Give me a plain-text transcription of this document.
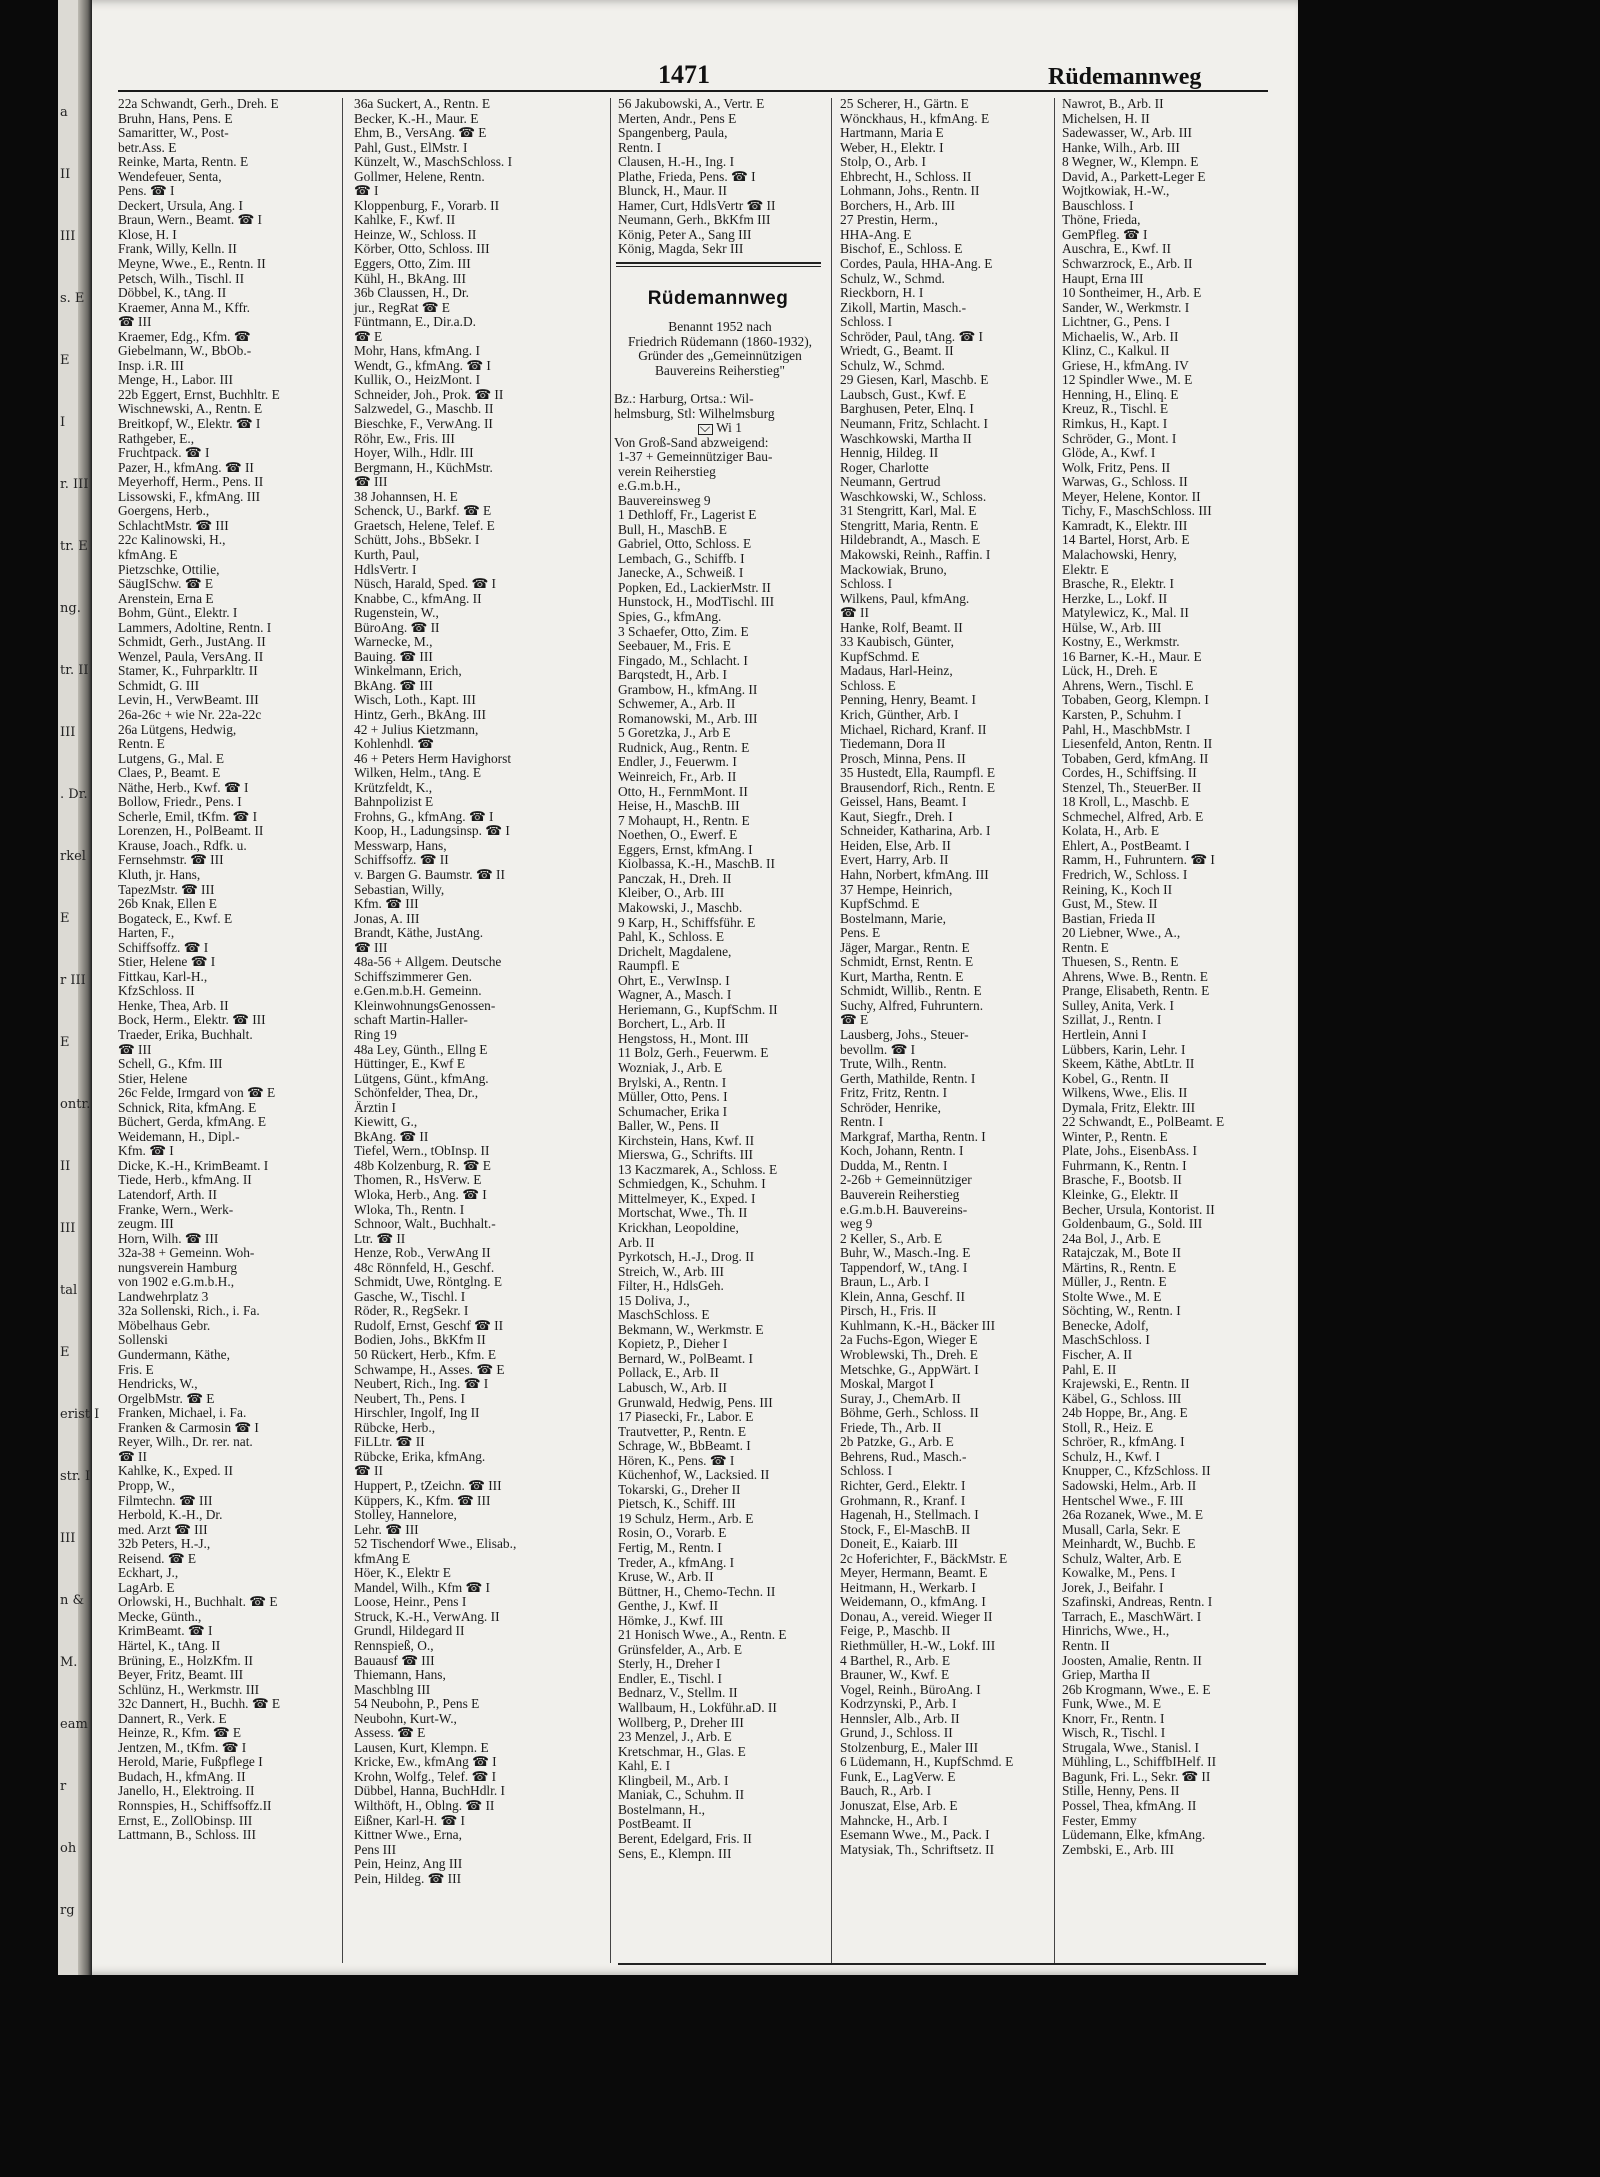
a
II
III
s. E
E
I
r. III
tr. E
ng.
tr. II
III
. Dr.
rkel
E
r III
E
ontr.
II
III
tal
E
erist I
str. I
III
n &
M.
eam
r
oh
rg
1471	Rüdemannweg
22a Schwandt, Gerh., Dreh. E
Bruhn, Hans, Pens. E
Samaritter, W., Post-
betr.Ass. E
Reinke, Marta, Rentn. E
Wendefeuer, Senta,
Pens. ☎ I
Deckert, Ursula, Ang. I
Braun, Wern., Beamt. ☎ I
Klose, H. I
Frank, Willy, Kelln. II
Meyne, Wwe., E., Rentn. II
Petsch, Wilh., Tischl. II
Döbbel, K., tAng. II
Kraemer, Anna M., Kffr.
☎ III
Kraemer, Edg., Kfm. ☎
Giebelmann, W., BbOb.-
Insp. i.R. III
Menge, H., Labor. III
22b Eggert, Ernst, Buchhltr. E
Wischnewski, A., Rentn. E
Breitkopf, W., Elektr. ☎ I
Rathgeber, E.,
Fruchtpack. ☎ I
Pazer, H., kfmAng. ☎ II
Meyerhoff, Herm., Pens. II
Lissowski, F., kfmAng. III
Goergens, Herb.,
SchlachtMstr. ☎ III
22c Kalinowski, H.,
kfmAng. E
Pietzschke, Ottilie,
SäugISchw. ☎ E
Arenstein, Erna E
Bohm, Günt., Elektr. I
Lammers, Adoltine, Rentn. I
Schmidt, Gerh., JustAng. II
Wenzel, Paula, VersAng. II
Stamer, K., Fuhrparkltr. II
Schmidt, G. III
Levin, H., VerwBeamt. III
26a-26c + wie Nr. 22a-22c
26a Lütgens, Hedwig,
Rentn. E
Lutgens, G., Mal. E
Claes, P., Beamt. E
Näthe, Herb., Kwf. ☎ I
Bollow, Friedr., Pens. I
Scherle, Emil, tKfm. ☎ I
Lorenzen, H., PolBeamt. II
Krause, Joach., Rdfk. u.
Fernsehmstr. ☎ III
Kluth, jr. Hans,
TapezMstr. ☎ III
26b Knak, Ellen E
Bogateck, E., Kwf. E
Harten, F.,
Schiffsoffz. ☎ I
Stier, Helene ☎ I
Fittkau, Karl-H.,
KfzSchloss. II
Henke, Thea, Arb. II
Bock, Herm., Elektr. ☎ III
Traeder, Erika, Buchhalt.
☎ III
Schell, G., Kfm. III
Stier, Helene
26c Felde, Irmgard von ☎ E
Schnick, Rita, kfmAng. E
Büchert, Gerda, kfmAng. E
Weidemann, H., Dipl.-
Kfm. ☎ I
Dicke, K.-H., KrimBeamt. I
Tiede, Herb., kfmAng. II
Latendorf, Arth. II
Franke, Wern., Werk-
zeugm. III
Horn, Wilh. ☎ III
32a-38 + Gemeinn. Woh-
nungsverein Hamburg
von 1902 e.G.m.b.H.,
Landwehrplatz 3
32a Sollenski, Rich., i. Fa.
Möbelhaus Gebr.
Sollenski
Gundermann, Käthe,
Fris. E
Hendricks, W.,
OrgelbMstr. ☎ E
Franken, Michael, i. Fa.
Franken & Carmosin ☎ I
Reyer, Wilh., Dr. rer. nat.
☎ II
Kahlke, K., Exped. II
Propp, W.,
Filmtechn. ☎ III
Herbold, K.-H., Dr.
med. Arzt ☎ III
32b Peters, H.-J.,
Reisend. ☎ E
Eckhart, J.,
LagArb. E
Orlowski, H., Buchhalt. ☎ E
Mecke, Günth.,
KrimBeamt. ☎ I
Härtel, K., tAng. II
Brüning, E., HolzKfm. II
Beyer, Fritz, Beamt. III
Schlünz, H., Werkmstr. III
32c Dannert, H., Buchh. ☎ E
Dannert, R., Verk. E
Heinze, R., Kfm. ☎ E
Jentzen, M., tKfm. ☎ I
Herold, Marie, Fußpflege I
Budach, H., kfmAng. II
Janello, H., Elektroing. II
Ronnspies, H., Schiffsoffz.II
Ernst, E., ZollObinsp. III
Lattmann, B., Schloss. III
36a Suckert, A., Rentn. E
Becker, K.-H., Maur. E
Ehm, B., VersAng. ☎ E
Pahl, Gust., ElMstr. I
Künzelt, W., MaschSchloss. I
Gollmer, Helene, Rentn.
☎ I
Kloppenburg, F., Vorarb. II
Kahlke, F., Kwf. II
Heinze, W., Schloss. II
Körber, Otto, Schloss. III
Eggers, Otto, Zim. III
Kühl, H., BkAng. III
36b Claussen, H., Dr.
jur., RegRat ☎ E
Füntmann, E., Dir.a.D.
☎ E
Mohr, Hans, kfmAng. I
Wendt, G., kfmAng. ☎ I
Kullik, O., HeizMont. I
Schneider, Joh., Prok. ☎ II
Salzwedel, G., Maschb. II
Bieschke, F., VerwAng. II
Röhr, Ew., Fris. III
Hoyer, Wilh., Hdlr. III
Bergmann, H., KüchMstr.
☎ III
38 Johannsen, H. E
Schenck, U., Barkf. ☎ E
Graetsch, Helene, Telef. E
Schütt, Johs., BbSekr. I
Kurth, Paul,
HdlsVertr. I
Nüsch, Harald, Sped. ☎ I
Knabbe, C., kfmAng. II
Rugenstein, W.,
BüroAng. ☎ II
Warnecke, M.,
Bauing. ☎ III
Winkelmann, Erich,
BkAng. ☎ III
Wisch, Loth., Kapt. III
Hintz, Gerh., BkAng. III
42 + Julius Kietzmann,
Kohlenhdl. ☎
46 + Peters Herm Havighorst
Wilken, Helm., tAng. E
Krützfeldt, K.,
Bahnpolizist E
Frohns, G., kfmAng. ☎ I
Koop, H., Ladungsinsp. ☎ I
Messwarp, Hans,
Schiffsoffz. ☎ II
v. Bargen G. Baumstr. ☎ II
Sebastian, Willy,
Kfm. ☎ III
Jonas, A. III
Brandt, Käthe, JustAng.
☎ III
48a-56 + Allgem. Deutsche
Schiffszimmerer Gen.
e.Gen.m.b.H. Gemeinn.
KleinwohnungsGenossen-
schaft Martin-Haller-
Ring 19
48a Ley, Günth., Ellng E
Hüttinger, E., Kwf E
Lütgens, Günt., kfmAng.
Schönfelder, Thea, Dr.,
Ärztin I
Kiewitt, G.,
BkAng. ☎ II
Tiefel, Wern., tObInsp. II
48b Kolzenburg, R. ☎ E
Thomen, R., HsVerw. E
Wloka, Herb., Ang. ☎ I
Wloka, Th., Rentn. I
Schnoor, Walt., Buchhalt.-
Ltr. ☎ II
Henze, Rob., VerwAng II
48c Rönnfeld, H., Geschf.
Schmidt, Uwe, Röntglng. E
Gasche, W., Tischl. I
Röder, R., RegSekr. I
Rudolf, Ernst, Geschf ☎ II
Bodien, Johs., BkKfm II
50 Rückert, Herb., Kfm. E
Schwampe, H., Asses. ☎ E
Neubert, Rich., Ing. ☎ I
Neubert, Th., Pens. I
Hirschler, Ingolf, Ing II
Rübcke, Herb.,
FiLLtr. ☎ II
Rübcke, Erika, kfmAng.
☎ II
Huppert, P., tZeichn. ☎ III
Küppers, K., Kfm. ☎ III
Stolley, Hannelore,
Lehr. ☎ III
52 Tischendorf Wwe., Elisab.,
kfmAng E
Höer, K., Elektr E
Mandel, Wilh., Kfm ☎ I
Loose, Heinr., Pens I
Struck, K.-H., VerwAng. II
Grundl, Hildegard II
Rennspieß, O.,
Bauausf ☎ III
Thiemann, Hans,
Maschblng III
54 Neubohn, P., Pens E
Neubohn, Kurt-W.,
Assess. ☎ E
Lausen, Kurt, Klempn. E
Kricke, Ew., kfmAng ☎ I
Krohn, Wolfg., Telef. ☎ I
Dübbel, Hanna, BuchHdlr. I
Wilthöft, H., Oblng. ☎ II
Eißner, Karl-H. ☎ I
Kittner Wwe., Erna,
Pens III
Pein, Heinz, Ang III
Pein, Hildeg. ☎ III
56 Jakubowski, A., Vertr. E
Merten, Andr., Pens E
Spangenberg, Paula,
Rentn. I
Clausen, H.-H., Ing. I
Plathe, Frieda, Pens. ☎ I
Blunck, H., Maur. II
Hamer, Curt, HdlsVertr ☎ II
Neumann, Gerh., BkKfm III
König, Peter A., Sang III
König, Magda, Sekr III
Rüdemannweg
Benannt 1952 nach
Friedrich Rüdemann (1860-1932),
Gründer des „Gemeinnützigen
Bauvereins Reiherstieg"
Bz.: Harburg, Ortsa.: Wil-
helmsburg, Stl: Wilhelmsburg
Wi 1
Von Groß-Sand abzweigend:
1-37 + Gemeinnütziger Bau-
verein Reiherstieg
e.G.m.b.H.,
Bauvereinsweg 9
1 Dethloff, Fr., Lagerist E
Bull, H., MaschB. E
Gabriel, Otto, Schloss. E
Lembach, G., Schiffb. I
Janecke, A., Schweiß. I
Popken, Ed., LackierMstr. II
Hunstock, H., ModTischl. III
Spies, G., kfmAng.
3 Schaefer, Otto, Zim. E
Seebauer, M., Fris. E
Fingado, M., Schlacht. I
Barqstedt, H., Arb. I
Grambow, H., kfmAng. II
Schwemer, A., Arb. II
Romanowski, M., Arb. III
5 Goretzka, J., Arb E
Rudnick, Aug., Rentn. E
Endler, J., Feuerwm. I
Weinreich, Fr., Arb. II
Otto, H., FernmMont. II
Heise, H., MaschB. III
7 Mohaupt, H., Rentn. E
Noethen, O., Ewerf. E
Eggers, Ernst, kfmAng. I
Kiolbassa, K.-H., MaschB. II
Panczak, H., Dreh. II
Kleiber, O., Arb. III
Makowski, J., Maschb.
9 Karp, H., Schiffsführ. E
Pahl, K., Schloss. E
Drichelt, Magdalene,
Raumpfl. E
Ohrt, E., VerwInsp. I
Wagner, A., Masch. I
Heriemann, G., KupfSchm. II
Borchert, L., Arb. II
Hengstoss, H., Mont. III
11 Bolz, Gerh., Feuerwm. E
Wozniak, J., Arb. E
Brylski, A., Rentn. I
Müller, Otto, Pens. I
Schumacher, Erika I
Baller, W., Pens. II
Kirchstein, Hans, Kwf. II
Mierswa, G., Schrifts. III
13 Kaczmarek, A., Schloss. E
Schmiedgen, K., Schuhm. I
Mittelmeyer, K., Exped. I
Mortschat, Wwe., Th. II
Krickhan, Leopoldine,
Arb. II
Pyrkotsch, H.-J., Drog. II
Streich, W., Arb. III
Filter, H., HdlsGeh.
15 Doliva, J.,
MaschSchloss. E
Bekmann, W., Werkmstr. E
Kopietz, P., Dieher I
Bernard, W., PolBeamt. I
Pollack, E., Arb. II
Labusch, W., Arb. II
Grunwald, Hedwig, Pens. III
17 Piasecki, Fr., Labor. E
Trautvetter, P., Rentn. E
Schrage, W., BbBeamt. I
Hören, K., Pens. ☎ I
Küchenhof, W., Lacksied. II
Tokarski, G., Dreher II
Pietsch, K., Schiff. III
19 Schulz, Herm., Arb. E
Rosin, O., Vorarb. E
Fertig, M., Rentn. I
Treder, A., kfmAng. I
Kruse, W., Arb. II
Büttner, H., Chemo-Techn. II
Genthe, J., Kwf. II
Hömke, J., Kwf. III
21 Honisch Wwe., A., Rentn. E
Grünsfelder, A., Arb. E
Sterly, H., Dreher I
Endler, E., Tischl. I
Bednarz, V., Stellm. II
Wallbaum, H., Lokführ.aD. II
Wollberg, P., Dreher III
23 Menzel, J., Arb. E
Kretschmar, H., Glas. E
Kahl, E. I
Klingbeil, M., Arb. I
Maniak, C., Schuhm. II
Bostelmann, H.,
PostBeamt. II
Berent, Edelgard, Fris. II
Sens, E., Klempn. III
25 Scherer, H., Gärtn. E
Wönckhaus, H., kfmAng. E
Hartmann, Maria E
Weber, H., Elektr. I
Stolp, O., Arb. I
Ehbrecht, H., Schloss. II
Lohmann, Johs., Rentn. II
Borchers, H., Arb. III
27 Prestin, Herm.,
HHA-Ang. E
Bischof, E., Schloss. E
Cordes, Paula, HHA-Ang. E
Schulz, W., Schmd.
Rieckborn, H. I
Zikoll, Martin, Masch.-
Schloss. I
Schröder, Paul, tAng. ☎ I
Wriedt, G., Beamt. II
Schulz, W., Schmd.
29 Giesen, Karl, Maschb. E
Laubsch, Gust., Kwf. E
Barghusen, Peter, Elnq. I
Neumann, Fritz, Schlacht. I
Waschkowski, Martha II
Hennig, Hildeg. II
Roger, Charlotte
Neumann, Gertrud
Waschkowski, W., Schloss.
31 Stengritt, Karl, Mal. E
Stengritt, Maria, Rentn. E
Hildebrandt, A., Masch. E
Makowski, Reinh., Raffin. I
Mackowiak, Bruno,
Schloss. I
Wilkens, Paul, kfmAng.
☎ II
Hanke, Rolf, Beamt. II
33 Kaubisch, Günter,
KupfSchmd. E
Madaus, Harl-Heinz,
Schloss. E
Penning, Henry, Beamt. I
Krich, Günther, Arb. I
Michael, Richard, Kranf. II
Tiedemann, Dora II
Prosch, Minna, Pens. II
35 Hustedt, Ella, Raumpfl. E
Brausendorf, Rich., Rentn. E
Geissel, Hans, Beamt. I
Kaut, Siegfr., Dreh. I
Schneider, Katharina, Arb. I
Heiden, Else, Arb. II
Evert, Harry, Arb. II
Hahn, Norbert, kfmAng. III
37 Hempe, Heinrich,
KupfSchmd. E
Bostelmann, Marie,
Pens. E
Jäger, Margar., Rentn. E
Schmidt, Ernst, Rentn. E
Kurt, Martha, Rentn. E
Schmidt, Willib., Rentn. E
Suchy, Alfred, Fuhruntern.
☎ E
Lausberg, Johs., Steuer-
bevollm. ☎ I
Trute, Wilh., Rentn.
Gerth, Mathilde, Rentn. I
Fritz, Fritz, Rentn. I
Schröder, Henrike,
Rentn. I
Markgraf, Martha, Rentn. I
Koch, Johann, Rentn. I
Dudda, M., Rentn. I
2-26b + Gemeinnütziger
Bauverein Reiherstieg
e.G.m.b.H. Bauvereins-
weg 9
2 Keller, S., Arb. E
Buhr, W., Masch.-Ing. E
Tappendorf, W., tAng. I
Braun, L., Arb. I
Klein, Anna, Geschf. II
Pirsch, H., Fris. II
Kuhlmann, K.-H., Bäcker III
2a Fuchs-Egon, Wieger E
Wroblewski, Th., Dreh. E
Metschke, G., AppWärt. I
Moskal, Margot I
Suray, J., ChemArb. II
Böhme, Gerh., Schloss. II
Friede, Th., Arb. II
2b Patzke, G., Arb. E
Behrens, Rud., Masch.-
Schloss. I
Richter, Gerd., Elektr. I
Grohmann, R., Kranf. I
Hagenah, H., Stellmach. I
Stock, F., El-MaschB. II
Doneit, E., Kaiarb. III
2c Hoferichter, F., BäckMstr. E
Meyer, Hermann, Beamt. E
Heitmann, H., Werkarb. I
Weidemann, O., kfmAng. I
Donau, A., vereid. Wieger II
Feige, P., Maschb. II
Riethmüller, H.-W., Lokf. III
4 Barthel, R., Arb. E
Brauner, W., Kwf. E
Vogel, Reinh., BüroAng. I
Kodrzynski, P., Arb. I
Hennsler, Alb., Arb. II
Grund, J., Schloss. II
Stolzenburg, E., Maler III
6 Lüdemann, H., KupfSchmd. E
Funk, E., LagVerw. E
Bauch, R., Arb. I
Jonuszat, Else, Arb. E
Mahncke, H., Arb. I
Esemann Wwe., M., Pack. I
Matysiak, Th., Schriftsetz. II
Nawrot, B., Arb. II
Michelsen, H. II
Sadewasser, W., Arb. III
Hanke, Wilh., Arb. III
8 Wegner, W., Klempn. E
David, A., Parkett-Leger E
Wojtkowiak, H.-W.,
Bauschloss. I
Thöne, Frieda,
GemPfleg. ☎ I
Auschra, E., Kwf. II
Schwarzrock, E., Arb. II
Haupt, Erna III
10 Sontheimer, H., Arb. E
Sander, W., Werkmstr. I
Lichtner, G., Pens. I
Michaelis, W., Arb. II
Klinz, C., Kalkul. II
Griese, H., kfmAng. IV
12 Spindler Wwe., M. E
Henning, H., Elinq. E
Kreuz, R., Tischl. E
Rimkus, H., Kapt. I
Schröder, G., Mont. I
Glöde, A., Kwf. I
Wolk, Fritz, Pens. II
Warwas, G., Schloss. II
Meyer, Helene, Kontor. II
Tichy, F., MaschSchloss. III
Kamradt, K., Elektr. III
14 Bartel, Horst, Arb. E
Malachowski, Henry,
Elektr. E
Brasche, R., Elektr. I
Herzke, L., Lokf. II
Matylewicz, K., Mal. II
Hülse, W., Arb. III
Kostny, E., Werkmstr.
16 Barner, K.-H., Maur. E
Lück, H., Dreh. E
Ahrens, Wern., Tischl. E
Tobaben, Georg, Klempn. I
Karsten, P., Schuhm. I
Pahl, H., MaschbMstr. I
Liesenfeld, Anton, Rentn. II
Tobaben, Gerd, kfmAng. II
Cordes, H., Schiffsing. II
Stenzel, Th., SteuerBer. II
18 Kroll, L., Maschb. E
Schmechel, Alfred, Arb. E
Kolata, H., Arb. E
Ehlert, A., PostBeamt. I
Ramm, H., Fuhruntern. ☎ I
Fredrich, W., Schloss. I
Reining, K., Koch II
Gust, M., Stew. II
Bastian, Frieda II
20 Liebner, Wwe., A.,
Rentn. E
Thuesen, S., Rentn. E
Ahrens, Wwe. B., Rentn. E
Prange, Elisabeth, Rentn. E
Sulley, Anita, Verk. I
Szillat, J., Rentn. I
Hertlein, Anni I
Lübbers, Karin, Lehr. I
Skeem, Käthe, AbtLtr. II
Kobel, G., Rentn. II
Wilkens, Wwe., Elis. II
Dymala, Fritz, Elektr. III
22 Schwandt, E., PolBeamt. E
Winter, P., Rentn. E
Plate, Johs., EisenbAss. I
Fuhrmann, K., Rentn. I
Brasche, F., Bootsb. II
Kleinke, G., Elektr. II
Becher, Ursula, Kontorist. II
Goldenbaum, G., Sold. III
24a Bol, J., Arb. E
Ratajczak, M., Bote II
Märtins, R., Rentn. E
Müller, J., Rentn. E
Stolte Wwe., M. E
Söchting, W., Rentn. I
Benecke, Adolf,
MaschSchloss. I
Fischer, A. II
Pahl, E. II
Krajewski, E., Rentn. II
Käbel, G., Schloss. III
24b Hoppe, Br., Ang. E
Stoll, R., Heiz. E
Schröer, R., kfmAng. I
Schulz, H., Kwf. I
Knupper, C., KfzSchloss. II
Sadowski, Helm., Arb. II
Hentschel Wwe., F. III
26a Rozanek, Wwe., M. E
Musall, Carla, Sekr. E
Meinhardt, W., Buchb. E
Schulz, Walter, Arb. E
Kowalke, M., Pens. I
Jorek, J., Beifahr. I
Szafinski, Andreas, Rentn. I
Tarrach, E., MaschWärt. I
Hinrichs, Wwe., H.,
Rentn. II
Joosten, Amalie, Rentn. II
Griep, Martha II
26b Krogmann, Wwe., E. E
Funk, Wwe., M. E
Knorr, Fr., Rentn. I
Wisch, R., Tischl. I
Strugala, Wwe., Stanisl. I
Mühling, L., SchiffbIHelf. II
Bagunk, Fri. L., Sekr. ☎ II
Stille, Henny, Pens. II
Possel, Thea, kfmAng. II
Fester, Emmy
Lüdemann, Elke, kfmAng.
Zembski, E., Arb. III
